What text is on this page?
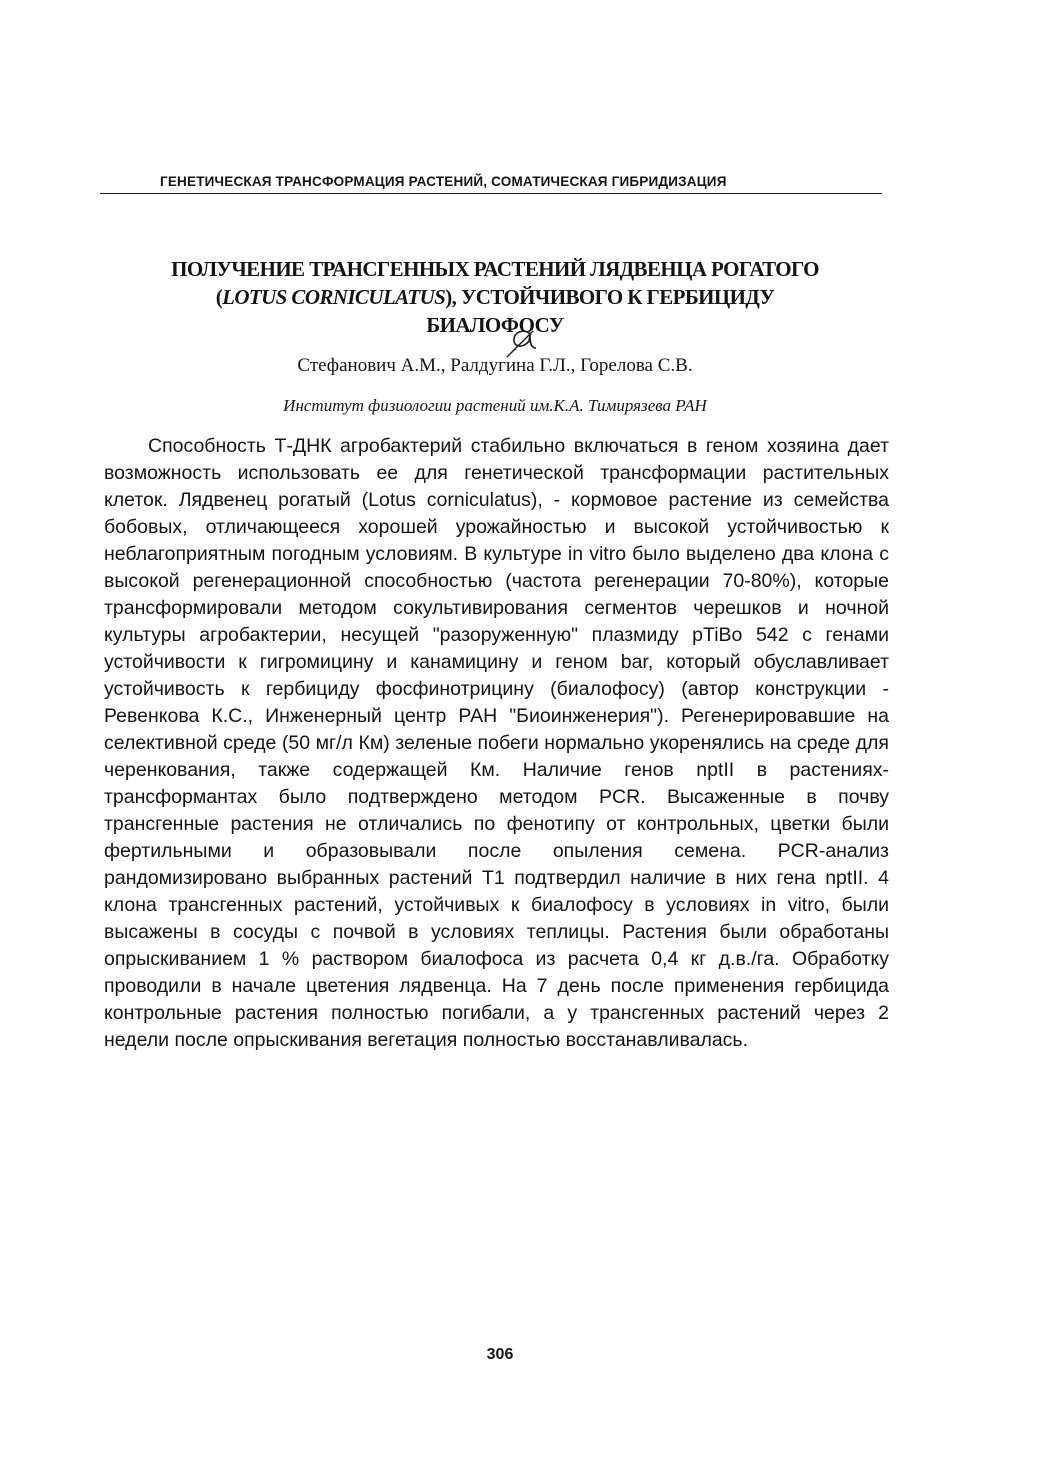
ГЕНЕТИЧЕСКАЯ ТРАНСФОРМАЦИЯ РАСТЕНИЙ, СОМАТИЧЕСКАЯ ГИБРИДИЗАЦИЯ
ПОЛУЧЕНИЕ ТРАНСГЕННЫХ РАСТЕНИЙ ЛЯДВЕНЦА РОГАТОГО
(LOTUS CORNICULATUS), УСТОЙЧИВОГО К ГЕРБИЦИДУ
БИАЛОФОСУ
Стефанович А.М., Ралдугина Г.Л., Горелова С.В.
Институт физиологии растений им.К.А. Тимирязева РАН

Способность Т-ДНК агробактерий стабильно включаться в геном хозяина дает возможность использовать ее для генетической трансформации растительных клеток. Лядвенец рогатый (Lotus corniculatus), - кормовое растение из семейства бобовых, отличающееся хорошей урожайностью и высокой устойчивостью к неблагоприятным погодным условиям. В культуре in vitro было выделено два клона с высокой регенерационной способностью (частота регенерации 70-80%), которые трансформировали методом сокультивирования сегментов черешков и ночной культуры агробактерии, несущей "разоруженную" плазмиду pTiBo 542 с генами устойчивости к гигромицину и канамицину и геном bar, который обуславливает устойчивость к гербициду фосфинотрицину (биалофосу) (автор конструкции - Ревенкова К.С., Инженерный центр РАН "Биоинженерия"). Регенерировавшие на селективной среде (50 мг/л Км) зеленые побеги нормально укоренялись на среде для черенкования, также содержащей Км. Наличие генов nptII в растениях-трансформантах было подтверждено методом PCR. Высаженные в почву трансгенные растения не отличались по фенотипу от контрольных, цветки были фертильными и образовывали после опыления семена. PCR-анализ рандомизировано выбранных растений T1 подтвердил наличие в них гена nptII. 4 клона трансгенных растений, устойчивых к биалофосу в условиях in vitro, были высажены в сосуды с почвой в условиях теплицы. Растения были обработаны опрыскиванием 1 % раствором биалофоса из расчета 0,4 кг д.в./га. Обработку проводили в начале цветения лядвенца. На 7 день после применения гербицида контрольные растения полностью погибали, а у трансгенных растений через 2 недели после опрыскивания вегетация полностью восстанавливалась.

306
